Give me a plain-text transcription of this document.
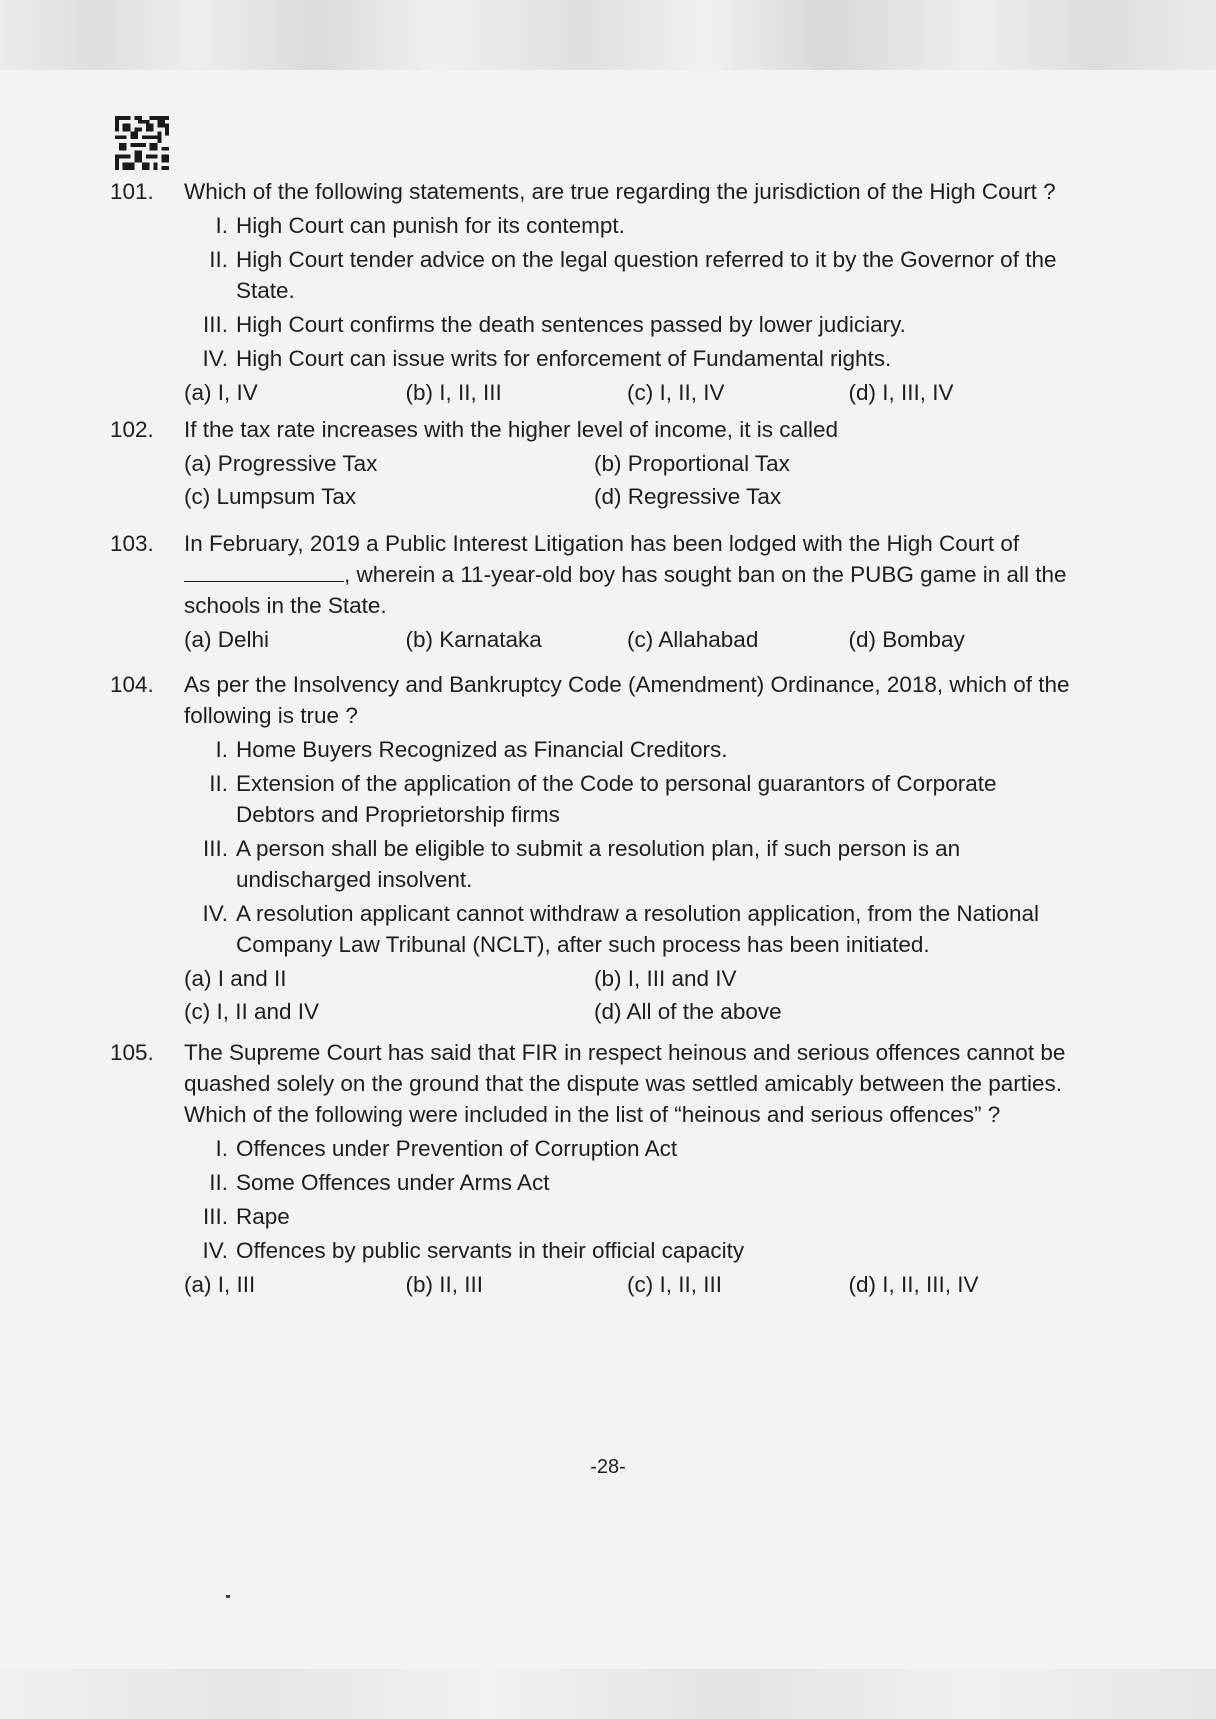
101. Which of the following statements, are true regarding the jurisdiction of the High Court ?
I. High Court can punish for its contempt.
II. High Court tender advice on the legal question referred to it by the Governor of the State.
III. High Court confirms the death sentences passed by lower judiciary.
IV. High Court can issue writs for enforcement of Fundamental rights.
(a) I, IV	(b) I, II, III	(c) I, II, IV	(d) I, III, IV
102. If the tax rate increases with the higher level of income, it is called
(a) Progressive Tax	(b) Proportional Tax
(c) Lumpsum Tax	(d) Regressive Tax
103. In February, 2019 a Public Interest Litigation has been lodged with the High Court of , wherein a 11-year-old boy has sought ban on the PUBG game in all the schools in the State.
(a) Delhi	(b) Karnataka	(c) Allahabad	(d) Bombay
104. As per the Insolvency and Bankruptcy Code (Amendment) Ordinance, 2018, which of the following is true ?
I. Home Buyers Recognized as Financial Creditors.
II. Extension of the application of the Code to personal guarantors of Corporate Debtors and Proprietorship firms
III. A person shall be eligible to submit a resolution plan, if such person is an undischarged insolvent.
IV. A resolution applicant cannot withdraw a resolution application, from the National Company Law Tribunal (NCLT), after such process has been initiated.
(a) I and II	(b) I, III and IV
(c) I, II and IV	(d) All of the above
105. The Supreme Court has said that FIR in respect heinous and serious offences cannot be quashed solely on the ground that the dispute was settled amicably between the parties. Which of the following were included in the list of “heinous and serious offences” ?
I. Offences under Prevention of Corruption Act
II. Some Offences under Arms Act
III. Rape
IV. Offences by public servants in their official capacity
(a) I, III	(b) II, III	(c) I, II, III	(d) I, II, III, IV
-28-
